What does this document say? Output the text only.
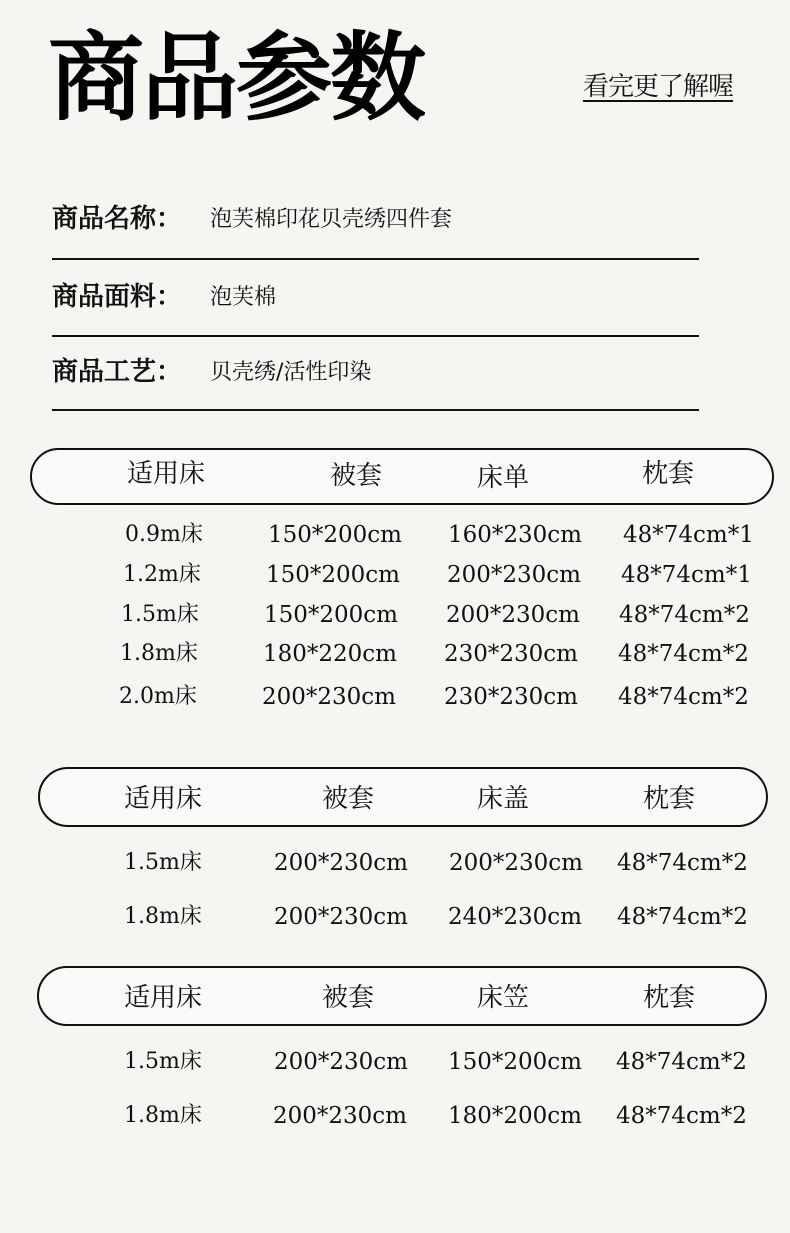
商品参数	看完更了解喔
商品名称： 泡芙棉印花贝壳绣四件套
商品面料： 泡芙棉
商品工艺： 贝壳绣/活性印染
适用床	被套	床单	枕套
0.9m床	150*200cm 160*230cm 48*74cm*1
1.2m床	150*200cm 200*230cm 48*74cm*1
1.5m床	150*200cm 200*230cm 48*74cm*2
1.8m床	180*220cm 230*230cm 48*74cm*2
2.0m床	200*230cm 230*230cm 48*74cm*2
适用床	被套	床盖	枕套
1.5m床	200*230cm 200*230cm 48*74cm*2
1.8m床	200*230cm 240*230cm 48*74cm*2
适用床	被套	床笠	枕套
1.5m床	200*230cm 150*200cm 48*74cm*2
1.8m床	200*230cm 180*200cm 48*74cm*2
